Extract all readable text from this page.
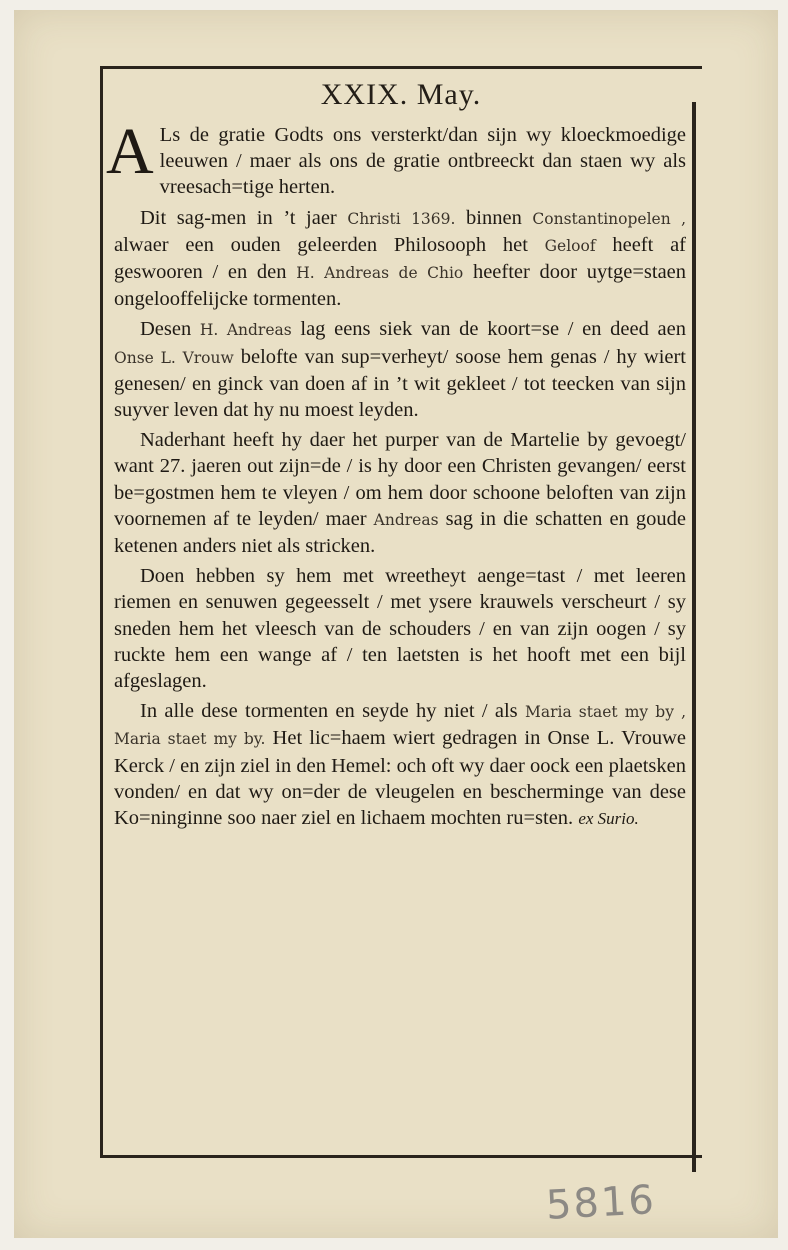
XXIX. May.

A Ls de gratie Godts ons versterkt/dan sijn wy kloeckmoedige leeuwen / maer als ons de gratie ontbreeckt dan staen wy als vreesach=tige herten.

Dit sag-men in ’t jaer Christi 1369. binnen Constantinopelen , alwaer een ouden geleerden Philosooph het Geloof heeft af geswooren / en den H. Andreas de Chio heefter door uytge=staen ongelooffelijcke tormenten.

Desen H. Andreas lag eens siek van de koort=se / en deed aen Onse L. Vrouw belofte van sup=verheyt/ soose hem genas / hy wiert genesen/ en ginck van doen af in ’t wit gekleet / tot teecken van sijn suyver leven dat hy nu moest leyden.

Naderhant heeft hy daer het purper van de Martelie by gevoegt/ want 27. jaeren out zijn=de / is hy door een Christen gevangen/ eerst be=gostmen hem te vleyen / om hem door schoone beloften van zijn voornemen af te leyden/ maer Andreas sag in die schatten en goude ketenen anders niet als stricken.

Doen hebben sy hem met wreetheyt aenge=tast / met leeren riemen en senuwen gegeesselt / met ysere krauwels verscheurt / sy sneden hem het vleesch van de schouders / en van zijn oogen / sy ruckte hem een wange af / ten laetsten is het hooft met een bijl afgeslagen.

In alle dese tormenten en seyde hy niet / als Maria staet my by , Maria staet my by. Het lic=haem wiert gedragen in Onse L. Vrouwe Kerck / en zijn ziel in den Hemel: och oft wy daer oock een plaetsken vonden/ en dat wy on=der de vleugelen en bescherminge van dese Ko=ninginne soo naer ziel en lichaem mochten ru=sten. ex Surio.

5816
